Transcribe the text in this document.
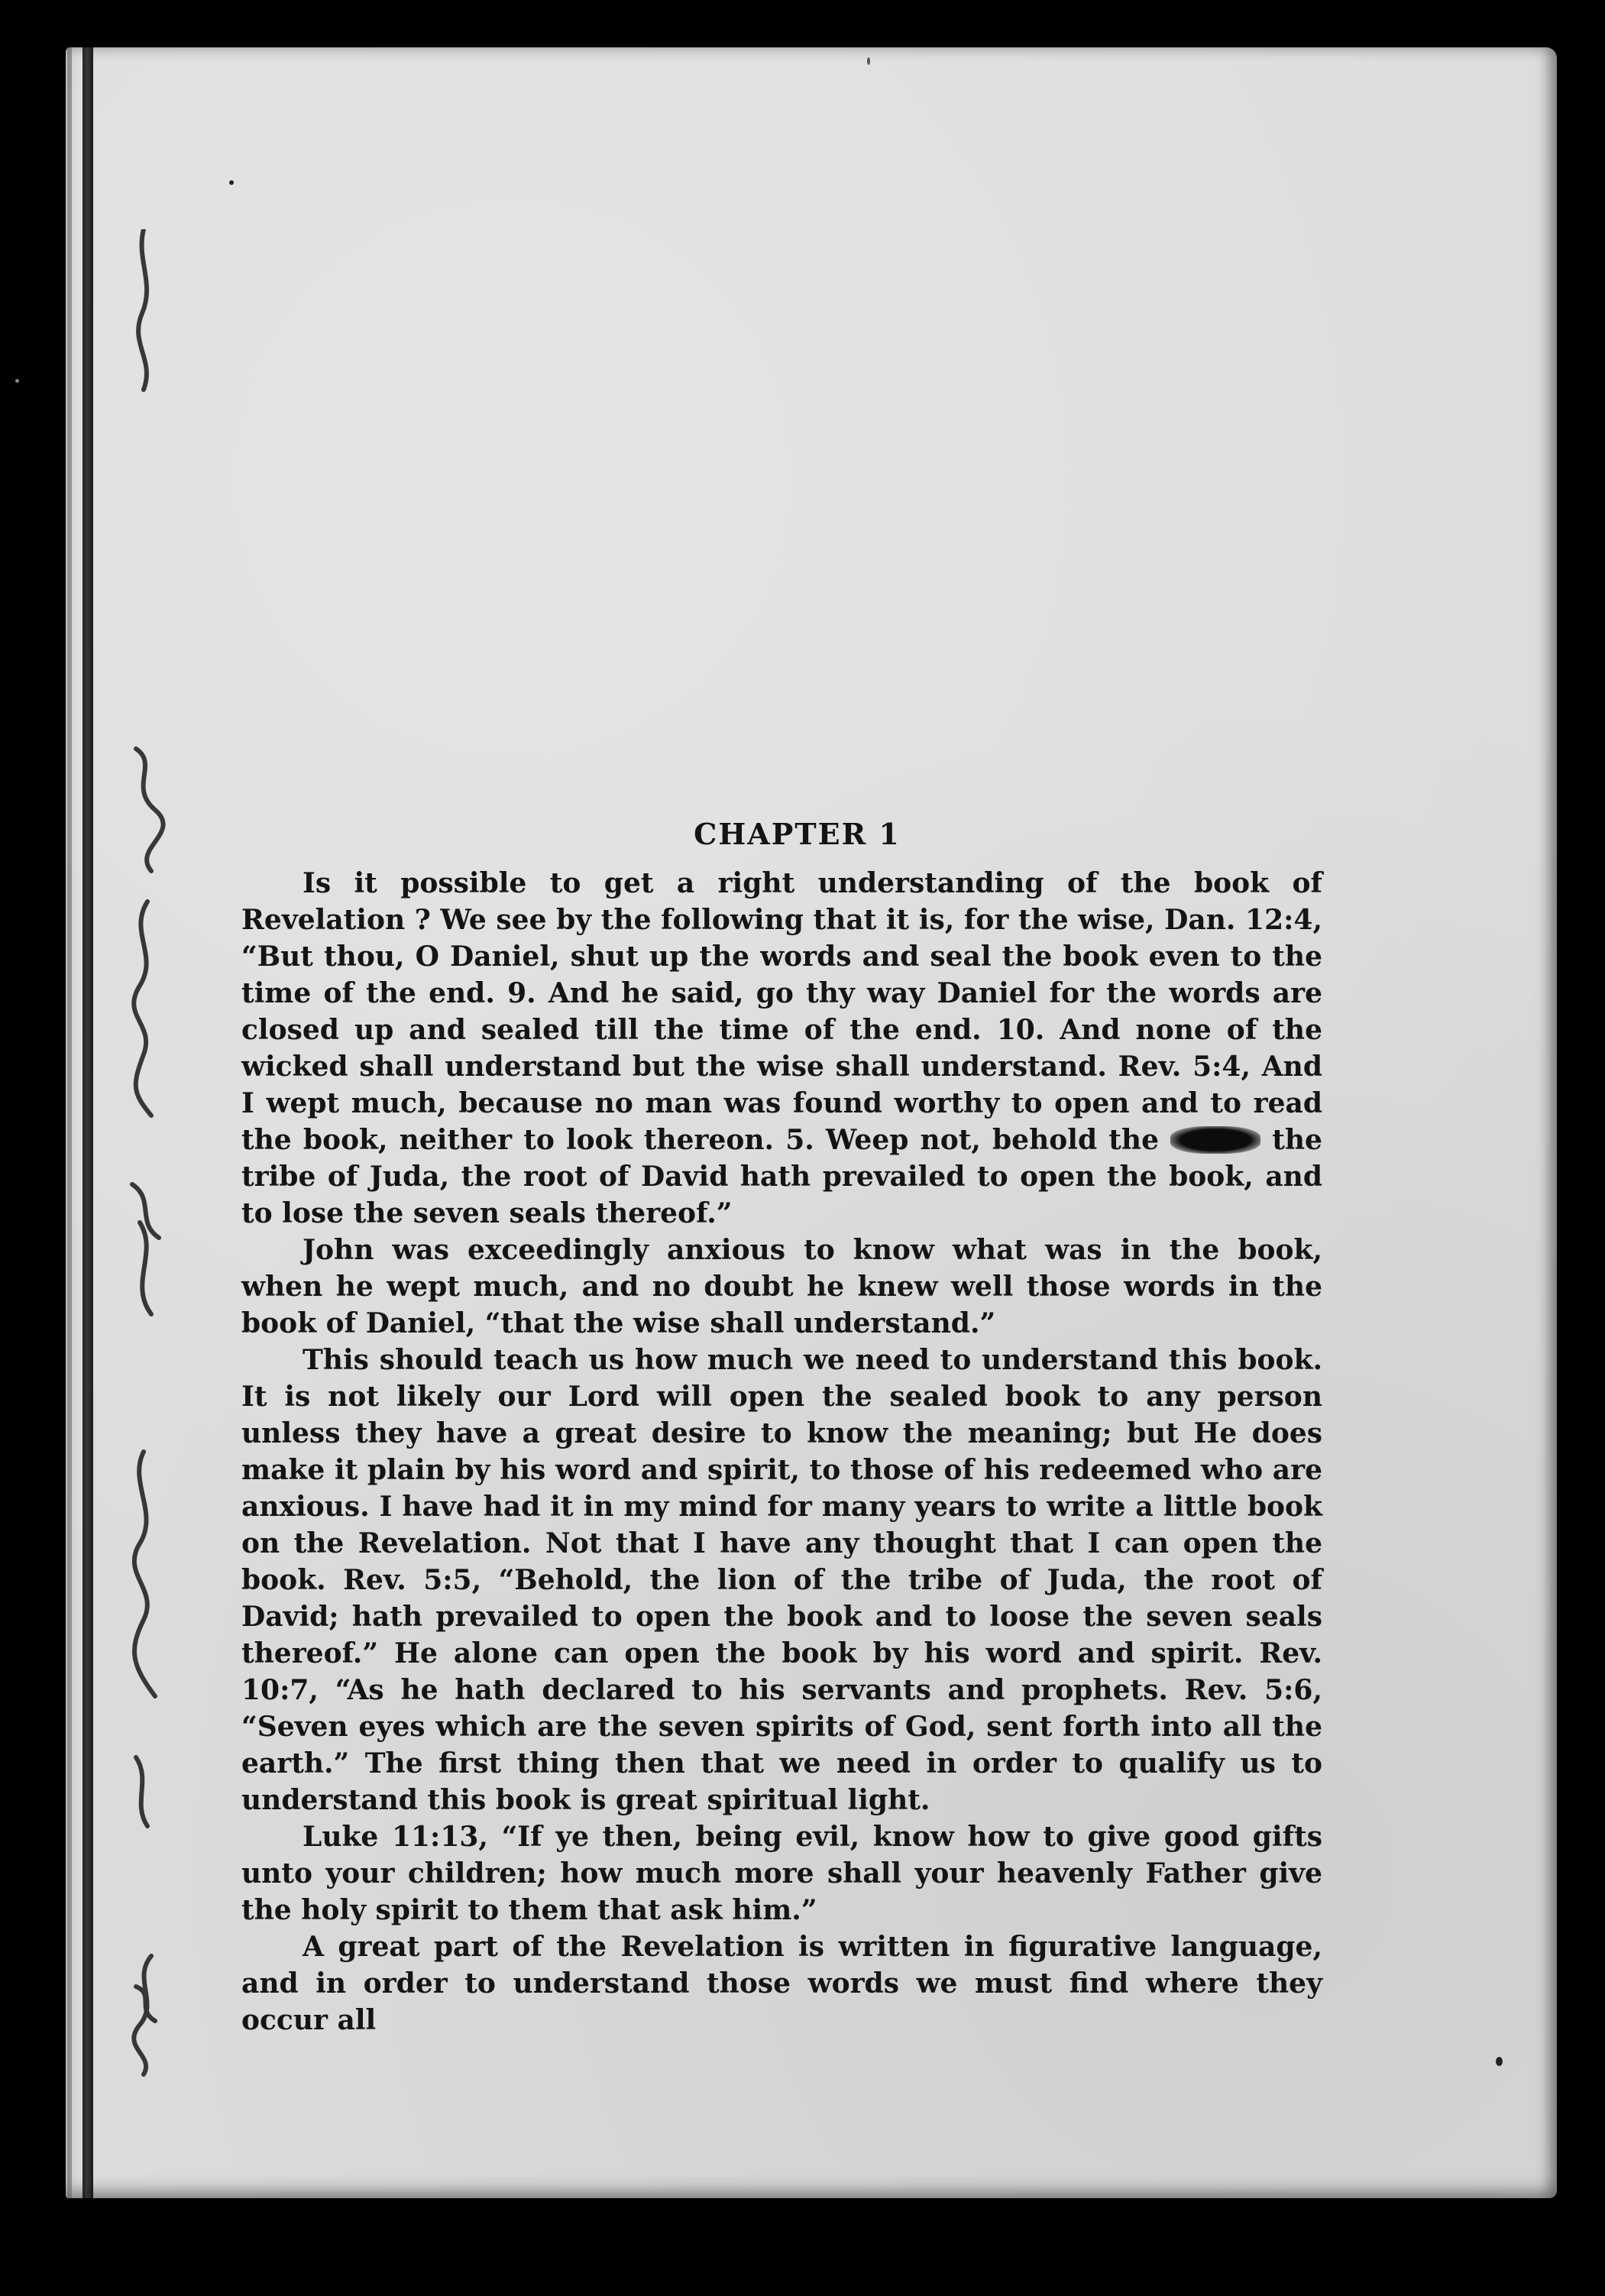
CHAPTER 1

Is it possible to get a right understanding of the book of Revelation ? We see by the following that it is, for the wise, Dan. 12:4, “But thou, O Daniel, shut up the words and seal the book even to the time of the end. 9. And he said, go thy way Daniel for the words are closed up and sealed till the time of the end. 10. And none of the wicked shall understand but the wise shall understand. Rev. 5:4, And I wept much, because no man was found worthy to open and to read the book, neither to look thereon. 5. Weep not, behold the	the tribe of Juda, the root of David hath prevailed to open the book, and to lose the seven seals thereof.”

John was exceedingly anxious to know what was in the book, when he wept much, and no doubt he knew well those words in the book of Daniel, “that the wise shall understand.”

This should teach us how much we need to understand this book. It is not likely our Lord will open the sealed book to any person unless they have a great desire to know the meaning; but He does make it plain by his word and spirit, to those of his redeemed who are anxious. I have had it in my mind for many years to write a little book on the Revelation. Not that I have any thought that I can open the book. Rev. 5:5, “Behold, the lion of the tribe of Juda, the root of David; hath prevailed to open the book and to loose the seven seals thereof.” He alone can open the book by his word and spirit. Rev. 10:7, “As he hath declared to his servants and prophets. Rev. 5:6, “Seven eyes which are the seven spirits of God, sent forth into all the earth.” The first thing then that we need in order to qualify us to understand this book is great spiritual light.

Luke 11:13, “If ye then, being evil, know how to give good gifts unto your children; how much more shall your heavenly Father give the holy spirit to them that ask him.”

A great part of the Revelation is written in figurative language, and in order to understand those words we must find where they occur all
